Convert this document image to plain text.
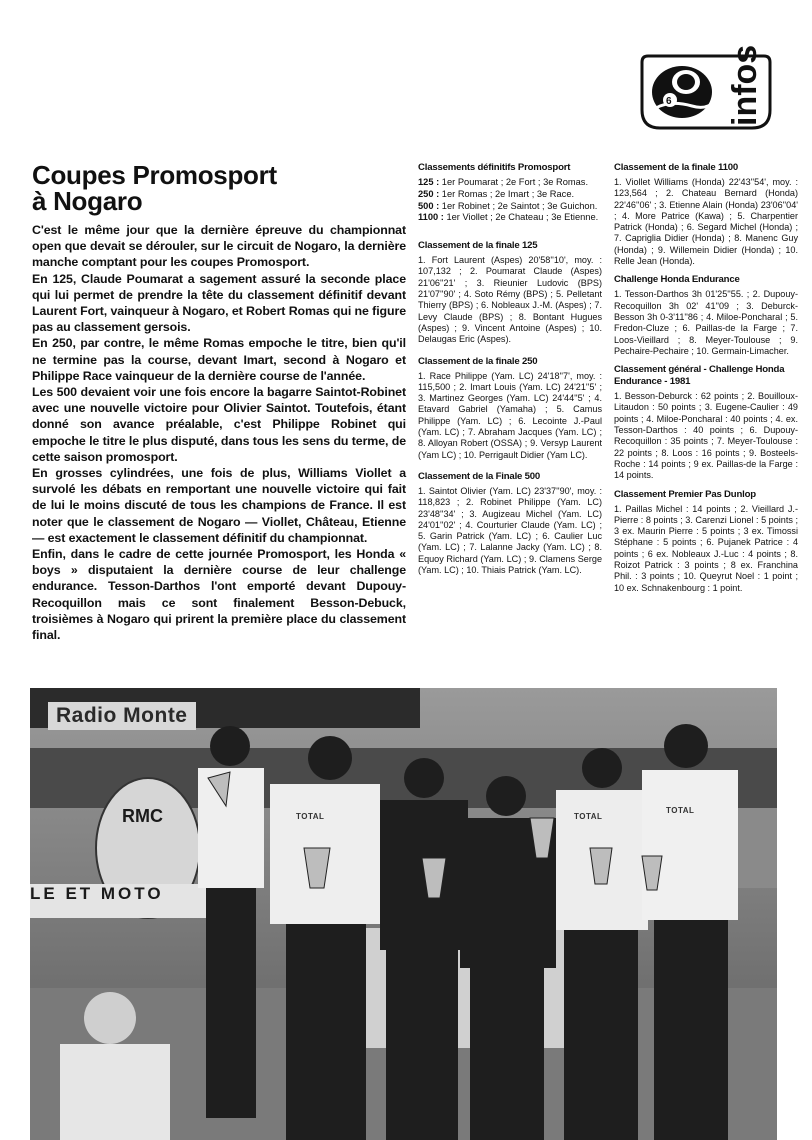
6 infos
Coupes Promosport
à Nogaro

C'est le même jour que la dernière épreuve du championnat open que devait se dérouler, sur le circuit de Nogaro, la dernière manche comptant pour les coupes Promosport.

En 125, Claude Poumarat a sagement assuré la seconde place qui lui permet de prendre la tête du classement définitif devant Laurent Fort, vainqueur à Nogaro, et Robert Romas qui ne figure pas au classement gersois.

En 250, par contre, le même Romas empoche le titre, bien qu'il ne termine pas la course, devant Imart, second à Nogaro et Philippe Race vainqueur de la dernière course de l'année.

Les 500 devaient voir une fois encore la bagarre Saintot-Robinet avec une nouvelle victoire pour Olivier Saintot. Toutefois, étant donné son avance préalable, c'est Philippe Robinet qui empoche le titre le plus disputé, dans tous les sens du terme, de cette saison promosport.

En grosses cylindrées, une fois de plus, Williams Viollet a survolé les débats en remportant une nouvelle victoire qui fait de lui le moins discuté de tous les champions de France. Il est noter que le classement de Nogaro — Viollet, Château, Etienne — est exactement le classement définitif du championnat.

Enfin, dans le cadre de cette journée Promosport, les Honda « boys » disputaient la dernière course de leur challenge endurance. Tesson-Darthos l'ont emporté devant Dupouy-Recoquillon mais ce sont finalement Besson-Debuck, troisièmes à Nogaro qui prirent la première place du classement final.

Classements définitifs Promosport

125 : 1er Poumarat ; 2e Fort ; 3e Romas.

250 : 1er Romas ; 2e Imart ; 3e Race.

500 : 1er Robinet ; 2e Saintot ; 3e Guichon.

1100 : 1er Viollet ; 2e Chateau ; 3e Etienne.

Classement de la finale 125

1. Fort Laurent (Aspes) 20'58''10', moy. : 107,132 ; 2. Poumarat Claude (Aspes) 21'06''21' ; 3. Rieunier Ludovic (BPS) 21'07''90' ; 4. Soto Rémy (BPS) ; 5. Pelletant Thierry (BPS) ; 6. Nobleaux J.-M. (Aspes) ; 7. Levy Claude (BPS) ; 8. Bontant Hugues (Aspes) ; 9. Vincent Antoine (Aspes) ; 10. Delaugas Eric (Aspes).

Classement de la finale 250

1. Race Philippe (Yam. LC) 24'18''7', moy. : 115,500 ; 2. Imart Louis (Yam. LC) 24'21''5' ; 3. Martinez Georges (Yam. LC) 24'44''5' ; 4. Etavard Gabriel (Yamaha) ; 5. Camus Philippe (Yam. LC) ; 6. Lecointe J.-Paul (Yam. LC) ; 7. Abraham Jacques (Yam. LC) ; 8. Alloyan Robert (OSSA) ; 9. Versyp Laurent (Yam LC) ; 10. Perrigault Didier (Yam LC).

Classement de la Finale 500

1. Saintot Olivier (Yam. LC) 23'37''90', moy. : 118,823 ; 2. Robinet Philippe (Yam. LC) 23'48''34' ; 3. Augizeau Michel (Yam. LC) 24'01''02' ; 4. Courturier Claude (Yam. LC) ; 5. Garin Patrick (Yam. LC) ; 6. Caulier Luc (Yam. LC) ; 7. Lalanne Jacky (Yam. LC) ; 8. Equoy Richard (Yam. LC) ; 9. Clamens Serge (Yam. LC) ; 10. Thiais Patrick (Yam. LC).

Classement de la finale 1100

1. Viollet Williams (Honda) 22'43''54', moy. : 123,564 ; 2. Chateau Bernard (Honda) 22'46''06' ; 3. Etienne Alain (Honda) 23'06''04' ; 4. More Patrice (Kawa) ; 5. Charpentier Patrick (Honda) ; 6. Segard Michel (Honda) ; 7. Capriglia Didier (Honda) ; 8. Manenc Guy (Honda) ; 9. Willemein Didier (Honda) ; 10. Relle Jean (Honda).

Challenge Honda Endurance

1. Tesson-Darthos 3h 01'25''55. ; 2. Dupouy-Recoquillon 3h 02' 41''09 ; 3. Deburck-Besson 3h 0-3'11''86 ; 4. Miloe-Poncharal ; 5. Fredon-Cluze ; 6. Paillas-de la Farge ; 7. Loos-Vieillard ; 8. Meyer-Toulouse ; 9. Pechaire-Pechaire ; 10. Germain-Limacher.

Classement général - Challenge Honda Endurance - 1981

1. Besson-Deburck : 62 points ; 2. Bouilloux-Litaudon : 50 points ; 3. Eugene-Caulier : 49 points ; 4. Miloe-Poncharal : 40 points ; 4. ex. Tesson-Darthos : 40 points ; 6. Dupouy-Recoquillon : 35 points ; 7. Meyer-Toulouse : 22 points ; 8. Loos : 16 points ; 9. Bosteels-Roche : 14 points ; 9 ex. Paillas-de la Farge : 14 points.

Classement Premier Pas Dunlop

1. Paillas Michel : 14 points ; 2. Vieillard J.-Pierre : 8 points ; 3. Carenzi Lionel : 5 points ; 3 ex. Maurin Pierre : 5 points ; 3 ex. Timossi Stéphane : 5 points ; 6. Pujanek Patrice : 4 points ; 6 ex. Nobleaux J.-Luc : 4 points ; 8. Roizot Patrick : 3 points ; 8 ex. Franchina Phil. : 3 points ; 10. Queyrut Noel : 1 point ; 10 ex. Schnakenbourg : 1 point.

Radio Monte
RMC
LE ET MOTO
TOTAL	TOTAL
TOTAL
